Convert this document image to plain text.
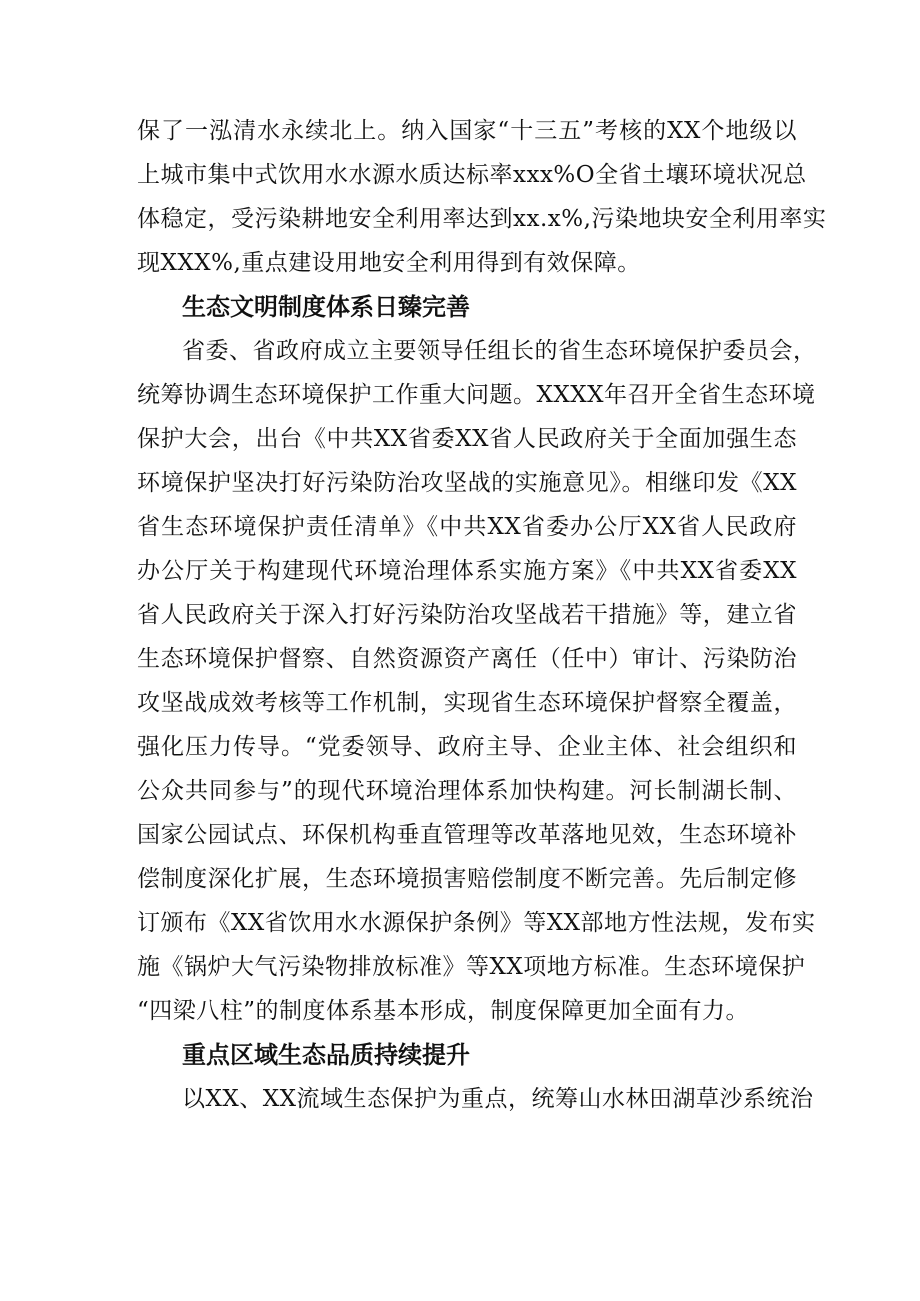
保了一泓清水永续北上。纳入国家“十三五”考核的XX个地级以
上城市集中式饮用水水源水质达标率xxx%O全省土壤环境状况总
体稳定，受污染耕地安全利用率达到xx.x%,污染地块安全利用率实
现XXX%,重点建设用地安全利用得到有效保障。
生态文明制度体系日臻完善
省委、省政府成立主要领导任组长的省生态环境保护委员会，
统筹协调生态环境保护工作重大问题。XXXX年召开全省生态环境
保护大会，出台《中共XX省委XX省人民政府关于全面加强生态
环境保护坚决打好污染防治攻坚战的实施意见》。相继印发《XX
省生态环境保护责任清单》《中共XX省委办公厅XX省人民政府
办公厅关于构建现代环境治理体系实施方案》《中共XX省委XX
省人民政府关于深入打好污染防治攻坚战若干措施》等，建立省
生态环境保护督察、自然资源资产离任（任中）审计、污染防治
攻坚战成效考核等工作机制，实现省生态环境保护督察全覆盖，
强化压力传导。“党委领导、政府主导、企业主体、社会组织和
公众共同参与”的现代环境治理体系加快构建。河长制湖长制、
国家公园试点、环保机构垂直管理等改革落地见效，生态环境补
偿制度深化扩展，生态环境损害赔偿制度不断完善。先后制定修
订颁布《XX省饮用水水源保护条例》等XX部地方性法规，发布实
施《锅炉大气污染物排放标准》等XX项地方标准。生态环境保护
“四梁八柱”的制度体系基本形成，制度保障更加全面有力。
重点区域生态品质持续提升
以XX、XX流域生态保护为重点，统筹山水林田湖草沙系统治
